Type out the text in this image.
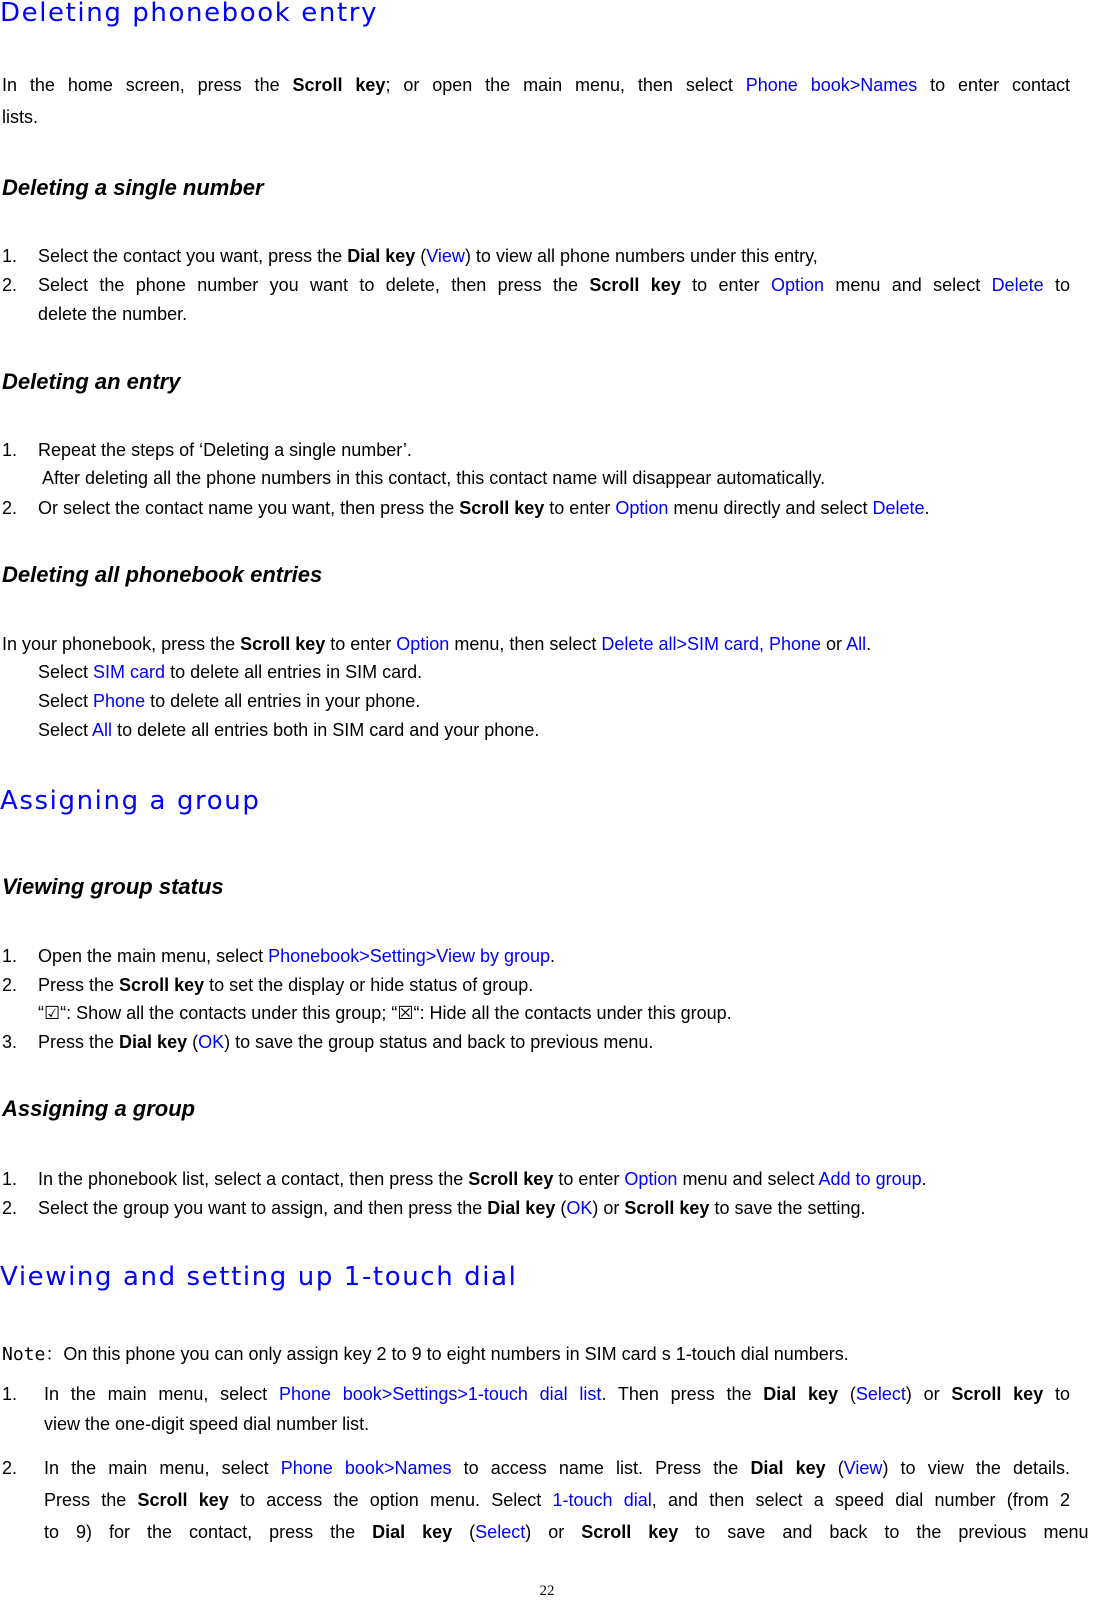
Deleting phonebook entry
In the home screen, press the Scroll key; or open the main menu, then select Phone book>Names to enter contact
lists.
Deleting a single number
1. Select the contact you want, press the Dial key (View) to view all phone numbers under this entry,
2. Select the phone number you want to delete, then press the Scroll key to enter Option menu and select Delete to
delete the number.
Deleting an entry
1. Repeat the steps of ‘Deleting a single number’.
After deleting all the phone numbers in this contact, this contact name will disappear automatically.
2. Or select the contact name you want, then press the Scroll key to enter Option menu directly and select Delete.
Deleting all phonebook entries
In your phonebook, press the Scroll key to enter Option menu, then select Delete all>SIM card, Phone or All.
Select SIM card to delete all entries in SIM card.
Select Phone to delete all entries in your phone.
Select All to delete all entries both in SIM card and your phone.
Assigning a group
Viewing group status
1. Open the main menu, select Phonebook>Setting>View by group.
2. Press the Scroll key to set the display or hide status of group.
“☑“: Show all the contacts under this group; “☒“: Hide all the contacts under this group.
3. Press the Dial key (OK) to save the group status and back to previous menu.
Assigning a group
1. In the phonebook list, select a contact, then press the Scroll key to enter Option menu and select Add to group.
2. Select the group you want to assign, and then press the Dial key (OK) or Scroll key to save the setting.
Viewing and setting up 1-touch dial
Note：On this phone you can only assign key 2 to 9 to eight numbers in SIM card s 1-touch dial numbers.
1. In the main menu, select Phone book>Settings>1-touch dial list. Then press the Dial key (Select) or Scroll key to
view the one-digit speed dial number list.
2. In the main menu, select Phone book>Names to access name list. Press the Dial key (View) to view the details.
Press the Scroll key to access the option menu. Select 1-touch dial, and then select a speed dial number (from 2
to 9) for the contact, press the Dial key (Select) or Scroll key to save and back to the previous menu
22
